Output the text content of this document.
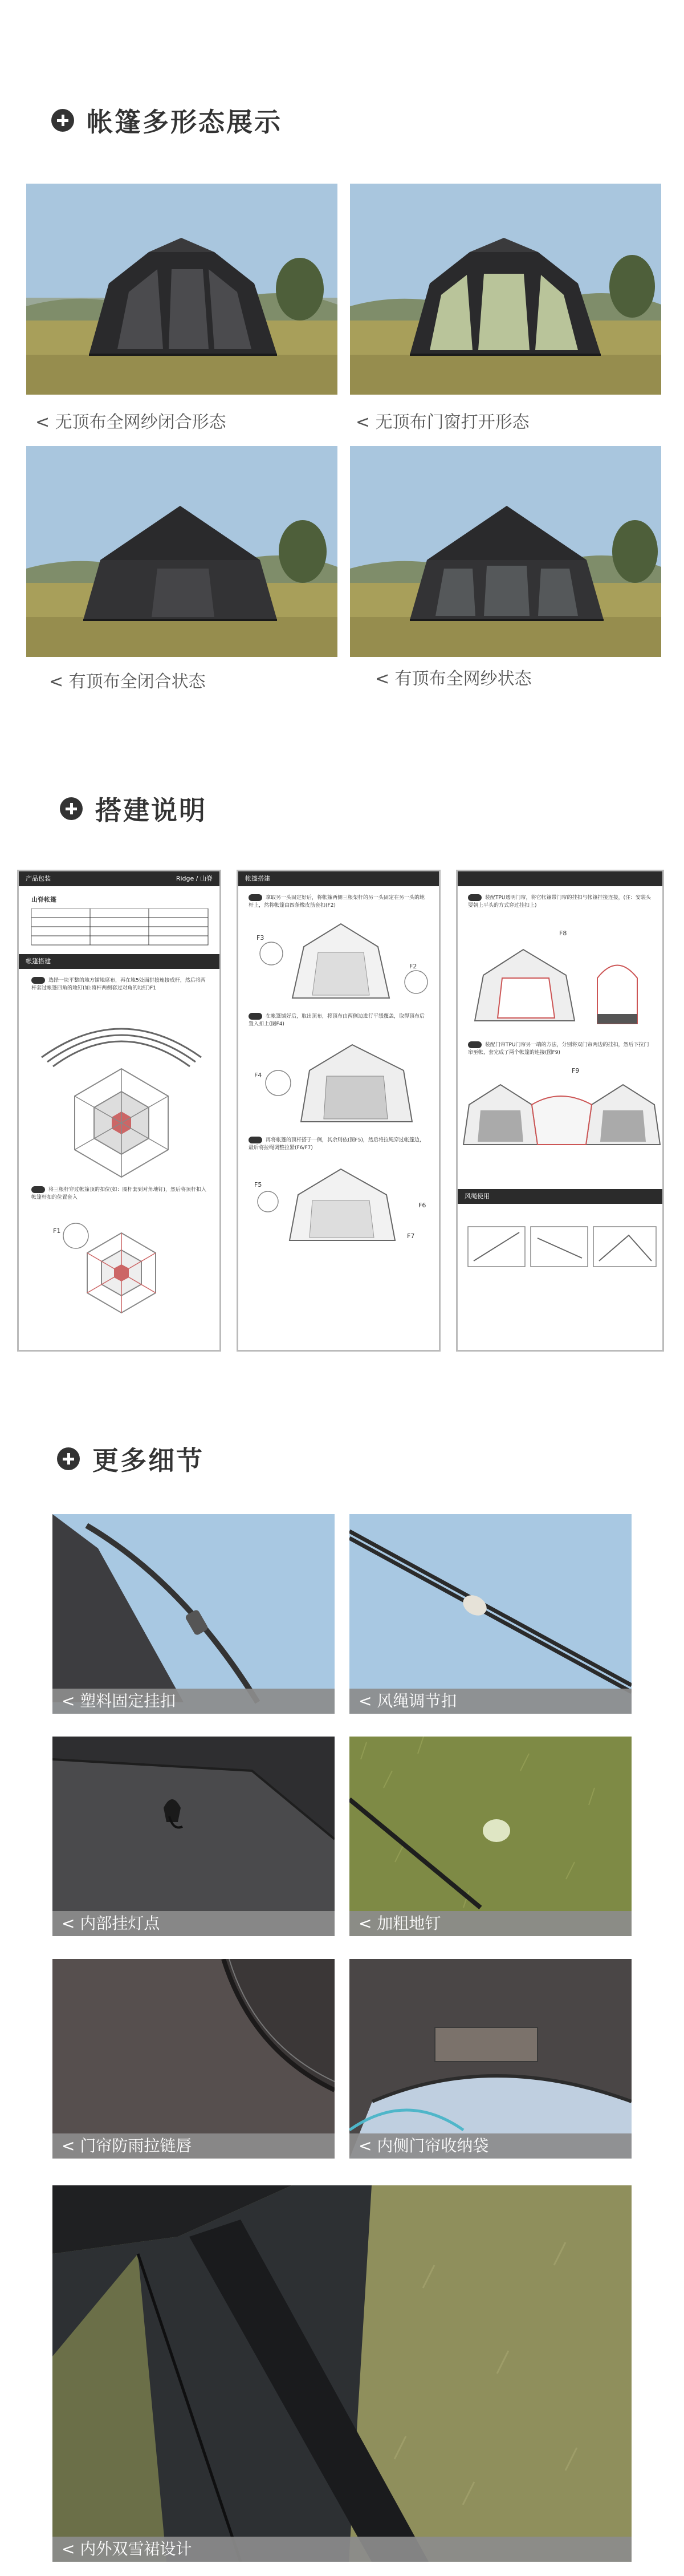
帐篷多形态展示
< 无顶布全网纱闭合形态	< 无顶布门窗打开形态
< 有顶布全闭合状态	< 有顶布全网纱状态
搭建说明
产品包装	Ridge / 山脊
山脊帐篷
帐篷搭建
选择一块平整的地方铺地席布，再在地5处面拼接连接成杆，然后将两杆套过帐篷四角的地钉(如:将杆两侧套过对角的地钉)F1
将三根杆穿过帐篷顶的扣位(如：图杆套到对角地钉)，然后将顶杆扣入帐篷杆扣的位置套入
F1
帐篷搭建
拿取另一头固定好后，将帐篷两侧三根架杆的另一头固定在另一头的地杆上，然将帐篷由四条橡皮筋套扣(F2)
F3
F2
在帐篷铺好后，取出顶布，将顶布由两侧边进行平缓覆盖，取得顶布后置入扣上(图F4)
F4
再将帐篷的顶杆搭于一侧，其余则依(图F5)，然后将拉绳穿过帐篷边，最后将拉绳调整拉紧(F6/F7)
F5
F6
F7
装配TPU透明门帘，将它帐篷带门帘的挂扣与帐篷挂接连接，(注：安装头要朝上平头的方式穿过挂扣上)
F8
装配门帘TPU门帘另一端的方法，分别将双门帘两边的挂扣，然后下拉门帘至帐，套完成了两个帐篷的连接(图F9)
F9
风绳使用
更多细节
< 塑料固定挂扣	< 风绳调节扣
< 内部挂灯点	< 加粗地钉
< 门帘防雨拉链唇	< 内侧门帘收纳袋
< 内外双雪裙设计
